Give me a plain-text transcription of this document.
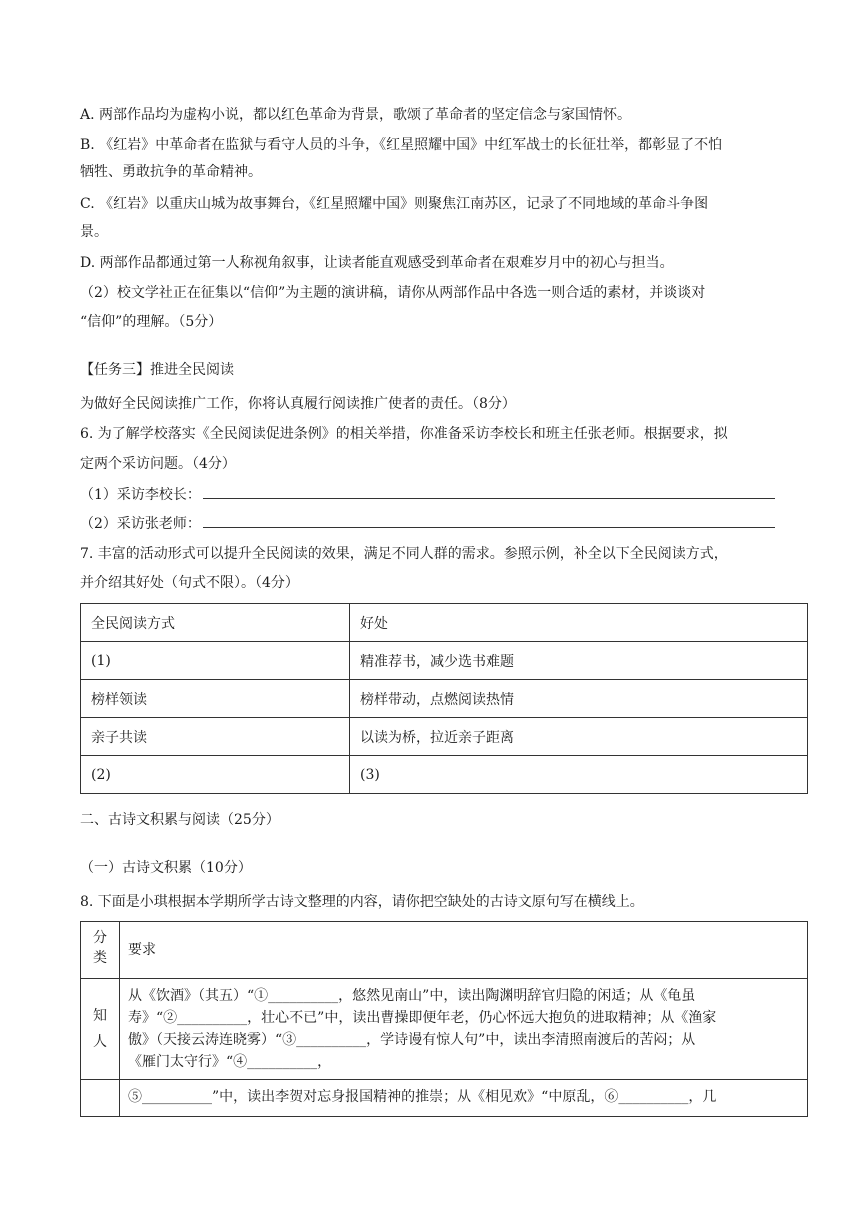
A. 两部作品均为虚构小说，都以红色革命为背景，歌颂了革命者的坚定信念与家国情怀。
B. 《红岩》中革命者在监狱与看守人员的斗争，《红星照耀中国》中红军战士的长征壮举，都彰显了不怕
牺牲、勇敢抗争的革命精神。
C. 《红岩》以重庆山城为故事舞台，《红星照耀中国》则聚焦江南苏区，记录了不同地域的革命斗争图
景。
D. 两部作品都通过第一人称视角叙事，让读者能直观感受到革命者在艰难岁月中的初心与担当。
（2）校文学社正在征集以“信仰”为主题的演讲稿，请你从两部作品中各选一则合适的素材，并谈谈对
“信仰”的理解。（5分）
【任务三】推进全民阅读
为做好全民阅读推广工作，你将认真履行阅读推广使者的责任。（8分）
6. 为了解学校落实《全民阅读促进条例》的相关举措，你准备采访李校长和班主任张老师。根据要求，拟
定两个采访问题。（4分）
（1）采访李校长：
（2）采访张老师：
7. 丰富的活动形式可以提升全民阅读的效果，满足不同人群的需求。参照示例，补全以下全民阅读方式，
并介绍其好处（句式不限）。（4分）
全民阅读方式	好处
(1)	精准荐书，减少选书难题
榜样领读	榜样带动，点燃阅读热情
亲子共读	以读为桥，拉近亲子距离
(2)	(3)
二、古诗文积累与阅读（25分）
（一）古诗文积累（10分）
8. 下面是小琪根据本学期所学古诗文整理的内容，请你把空缺处的古诗文原句写在横线上。
分类	要求
知人	从《饮酒》（其五）“①__________，悠然见南山”中，读出陶渊明辞官归隐的闲适；从《龟虽
寿》“②__________，壮心不已”中，读出曹操即便年老，仍心怀远大抱负的进取精神；从《渔家
傲》（天接云涛连晓雾）“③__________，学诗谩有惊人句”中，读出李清照南渡后的苦闷；从
《雁门太守行》“④__________，

	⑤__________”中，读出李贺对忘身报国精神的推崇；从《相见欢》“中原乱，⑥__________，几
